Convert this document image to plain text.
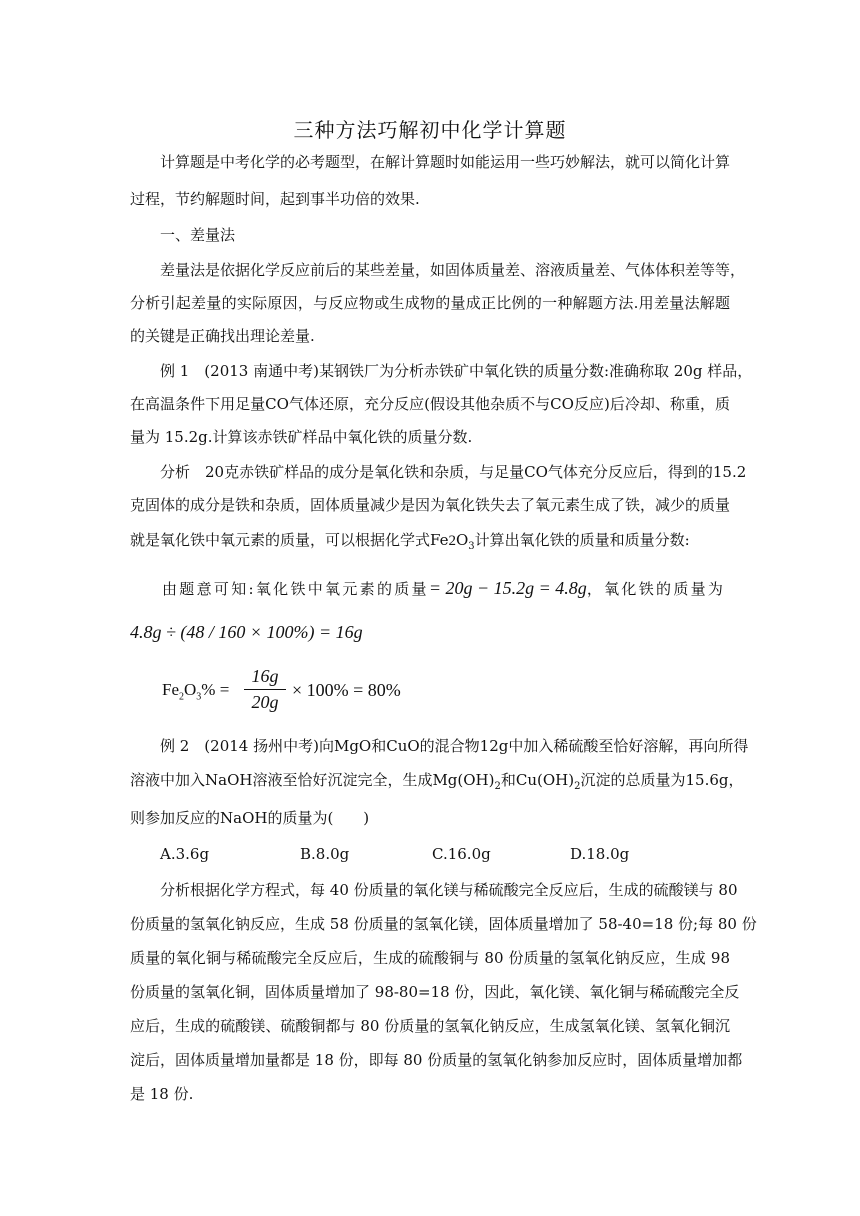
三种方法巧解初中化学计算题
计算题是中考化学的必考题型，在解计算题时如能运用一些巧妙解法，就可以简化计算
过程，节约解题时间，起到事半功倍的效果.
一、差量法
差量法是依据化学反应前后的某些差量，如固体质量差、溶液质量差、气体体积差等等，
分析引起差量的实际原因，与反应物或生成物的量成正比例的一种解题方法.用差量法解题
的关键是正确找出理论差量.
例 1　(2013 南通中考)某钢铁厂为分析赤铁矿中氧化铁的质量分数:准确称取 20g 样品，
在高温条件下用足量CO气体还原，充分反应(假设其他杂质不与CO反应)后冷却、称重，质
量为 15.2g.计算该赤铁矿样品中氧化铁的质量分数.
分析　20克赤铁矿样品的成分是氧化铁和杂质，与足量CO气体充分反应后，得到的15.2
克固体的成分是铁和杂质，固体质量减少是因为氧化铁失去了氧元素生成了铁，减少的质量
就是氧化铁中氧元素的质量，可以根据化学式$Fe2O_3$计算出氧化铁的质量和质量分数:
由题意可知:氧化铁中氧元素的质量= 20g − 15.2g = 4.8g，氧化铁的质量为
4.8g ÷ (48 / 160 × 100%) = 16g
$Fe_2O_3\% = \frac{16g}{20g} \times 100\% = 80\%$
例 2　(2014 扬州中考)向MgO和CuO的混合物12g中加入稀硫酸至恰好溶解，再向所得
溶液中加入NaOH溶液至恰好沉淀完全，生成$Mg(OH)_2$和$Cu(OH)_2$沉淀的总质量为15.6g，
则参加反应的NaOH的质量为(　　)
A.3.6g	B.8.0g	C.16.0g	D.18.0g
分析根据化学方程式，每 40 份质量的氧化镁与稀硫酸完全反应后，生成的硫酸镁与 80
份质量的氢氧化钠反应，生成 58 份质量的氢氧化镁，固体质量增加了 58-40=18 份;每 80 份
质量的氧化铜与稀硫酸完全反应后，生成的硫酸铜与 80 份质量的氢氧化钠反应，生成 98
份质量的氢氧化铜，固体质量增加了 98-80=18 份，因此，氧化镁、氧化铜与稀硫酸完全反
应后，生成的硫酸镁、硫酸铜都与 80 份质量的氢氧化钠反应，生成氢氧化镁、氢氧化铜沉
淀后，固体质量增加量都是 18 份，即每 80 份质量的氢氧化钠参加反应时，固体质量增加都
是 18 份.
